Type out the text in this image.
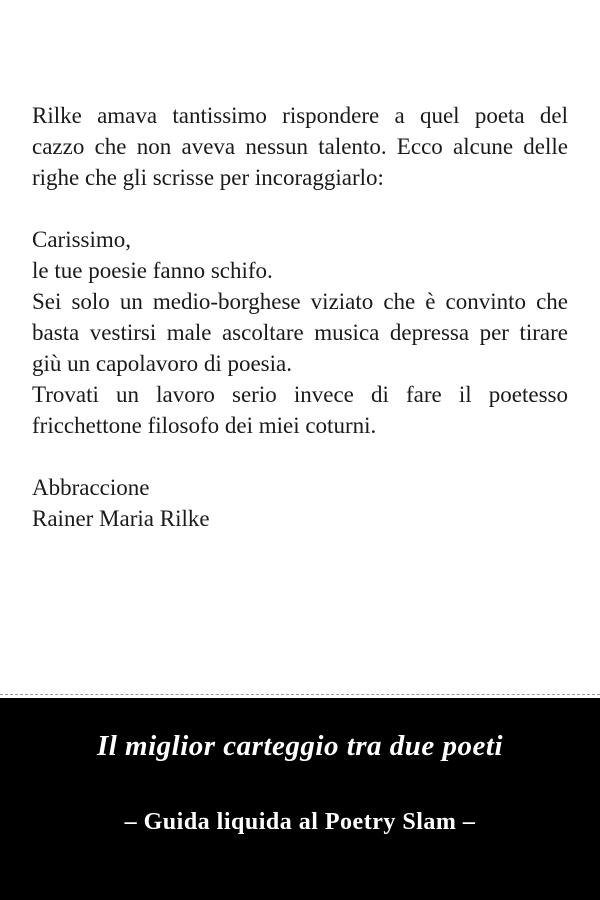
Rilke amava tantissimo rispondere a quel poeta del
cazzo che non aveva nessun talento. Ecco alcune delle
righe che gli scrisse per incoraggiarlo:

Carissimo,
le tue poesie fanno schifo.
Sei solo un medio-borghese viziato che è convinto che
basta vestirsi male ascoltare musica depressa per tirare
giù un capolavoro di poesia.
Trovati un lavoro serio invece di fare il poetesso
fricchettone filosofo dei miei coturni.

Abbraccione
Rainer Maria Rilke
Il miglior carteggio tra due poeti
– Guida liquida al Poetry Slam –
